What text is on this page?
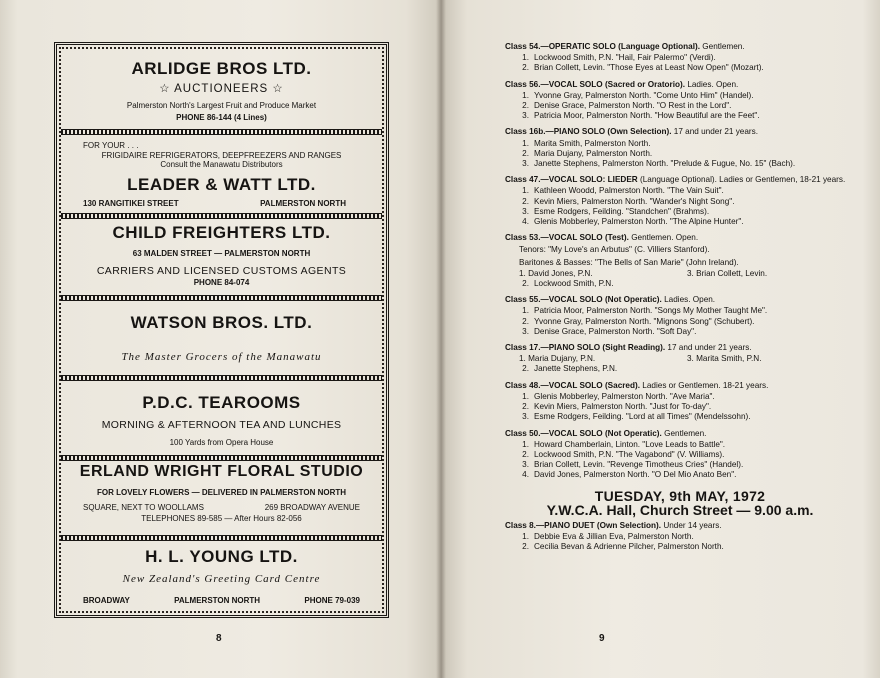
ARLIDGE BROS LTD.

☆ AUCTIONEERS ☆

Palmerston North's Largest Fruit and Produce Market

PHONE 86-144 (4 Lines)

FOR YOUR . . .
FRIGIDAIRE REFRIGERATORS, DEEPFREEZERS AND RANGES
Consult the Manawatu Distributors

LEADER & WATT LTD.

130 RANGITIKEI STREET	PALMERSTON NORTH

CHILD FREIGHTERS LTD.

63 MALDEN STREET — PALMERSTON NORTH

CARRIERS AND LICENSED CUSTOMS AGENTS

PHONE 84-074

WATSON BROS. LTD.

The Master Grocers of the Manawatu

P.D.C. TEAROOMS

MORNING & AFTERNOON TEA AND LUNCHES

100 Yards from Opera House

ERLAND WRIGHT FLORAL STUDIO

FOR LOVELY FLOWERS — DELIVERED IN PALMERSTON NORTH

SQUARE, NEXT TO WOOLLAMS	269 BROADWAY AVENUE

TELEPHONES 89-585 — After Hours 82-056

H. L. YOUNG LTD.

New Zealand's Greeting Card Centre

BROADWAY	PALMERSTON NORTH	PHONE 79-039
8

Class 54.—OPERATIC SOLO (Language Optional). Gentlemen.

1. Lockwood Smith, P.N. "Hail, Fair Palermo" (Verdi).
2. Brian Collett, Levin. "Those Eyes at Least Now Open" (Mozart).

Class 56.—VOCAL SOLO (Sacred or Oratorio). Ladies. Open.

1. Yvonne Gray, Palmerston North. "Come Unto Him" (Handel).
2. Denise Grace, Palmerston North. "O Rest in the Lord".
3. Patricia Moor, Palmerston North. "How Beautiful are the Feet".

Class 16b.—PIANO SOLO (Own Selection). 17 and under 21 years.

1. Marita Smith, Palmerston North.
2. Maria Dujany, Palmerston North.
3. Janette Stephens, Palmerston North. "Prelude & Fugue, No. 15" (Bach).

Class 47.—VOCAL SOLO: LIEDER (Language Optional). Ladies or Gentlemen, 18-21 years.

1. Kathleen Woodd, Palmerston North. "The Vain Suit".
2. Kevin Miers, Palmerston North. "Wander's Night Song".
3. Esme Rodgers, Feilding. "Standchen" (Brahms).
4. Glenis Mobberley, Palmerston North. "The Alpine Hunter".

Class 53.—VOCAL SOLO (Test). Gentlemen. Open.

Tenors: "My Love's an Arbutus" (C. Villiers Stanford).
Baritones & Basses: "The Bells of San Marie" (John Ireland).
1. David Jones, P.N.	3. Brian Collett, Levin.
2. Lockwood Smith, P.N.

Class 55.—VOCAL SOLO (Not Operatic). Ladies. Open.

1. Patricia Moor, Palmerston North. "Songs My Mother Taught Me".
2. Yvonne Gray, Palmerston North. "Mignons Song" (Schubert).
3. Denise Grace, Palmerston North. "Soft Day".

Class 17.—PIANO SOLO (Sight Reading). 17 and under 21 years.

1. Maria Dujany, P.N.	3. Marita Smith, P.N.
2. Janette Stephens, P.N.

Class 48.—VOCAL SOLO (Sacred). Ladies or Gentlemen. 18-21 years.

1. Glenis Mobberley, Palmerston North. "Ave Maria".
2. Kevin Miers, Palmerston North. "Just for To-day".
3. Esme Rodgers, Feilding. "Lord at all Times" (Mendelssohn).

Class 50.—VOCAL SOLO (Not Operatic). Gentlemen.

1. Howard Chamberlain, Linton. "Love Leads to Battle".
2. Lockwood Smith, P.N. "The Vagabond" (V. Williams).
3. Brian Collett, Levin. "Revenge Timotheus Cries" (Handel).
4. David Jones, Palmerston North. "O Del Mio Anato Ben".
TUESDAY, 9th MAY, 1972
Y.W.C.A. Hall, Church Street — 9.00 a.m.

Class 8.—PIANO DUET (Own Selection). Under 14 years.

1. Debbie Eva & Jillian Eva, Palmerston North.
2. Cecilia Bevan & Adrienne Pilcher, Palmerston North.
9
